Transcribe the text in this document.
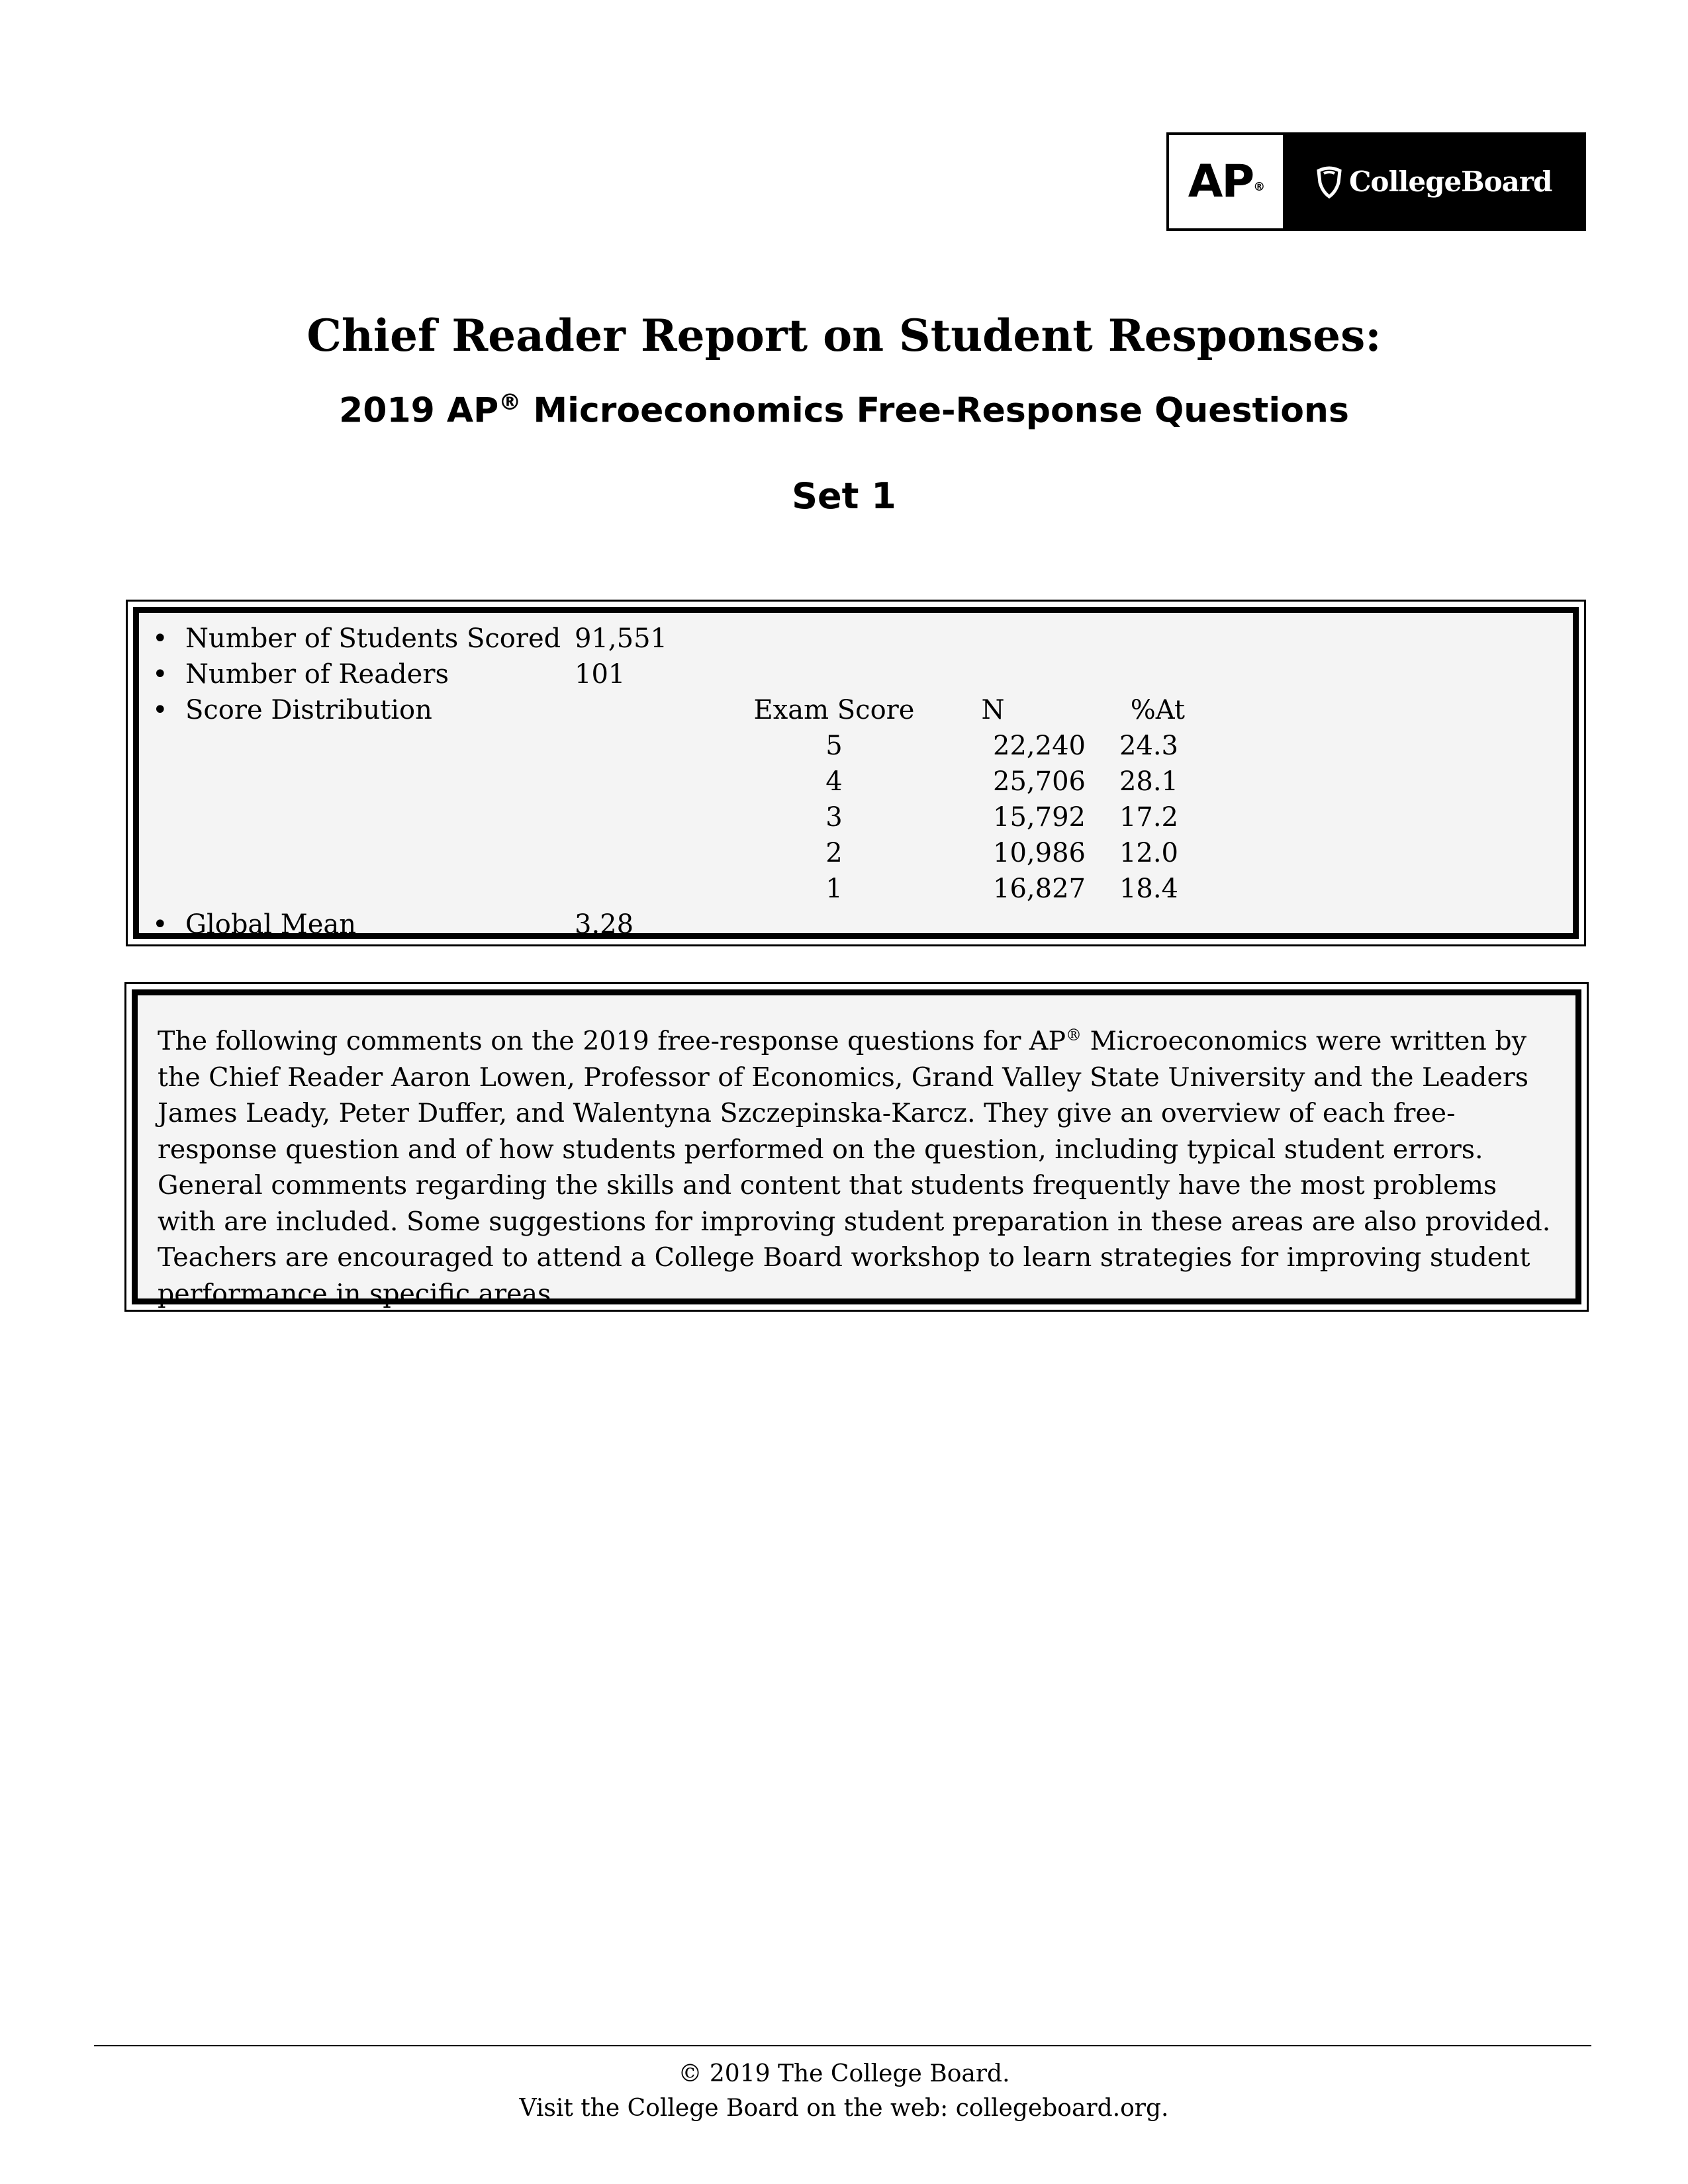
AP®	CollegeBoard
Chief Reader Report on Student Responses:
2019 AP® Microeconomics Free-Response Questions
Set 1
• Number of Students Scored 91,551
• Number of Readers	101
• Score Distribution	Exam Score	N	%At
5	22,240	24.3
4	25,706	28.1
3	15,792	17.2
2	10,986	12.0
1	16,827	18.4
• Global Mean	3.28
The following comments on the 2019 free-response questions for AP® Microeconomics were written by the Chief Reader Aaron Lowen, Professor of Economics, Grand Valley State University and the Leaders James Leady, Peter Duffer, and Walentyna Szczepinska-Karcz. They give an overview of each free-response question and of how students performed on the question, including typical student errors. General comments regarding the skills and content that students frequently have the most problems with are included. Some suggestions for improving student preparation in these areas are also provided. Teachers are encouraged to attend a College Board workshop to learn strategies for improving student performance in specific areas.
© 2019 The College Board.
Visit the College Board on the web: collegeboard.org.
